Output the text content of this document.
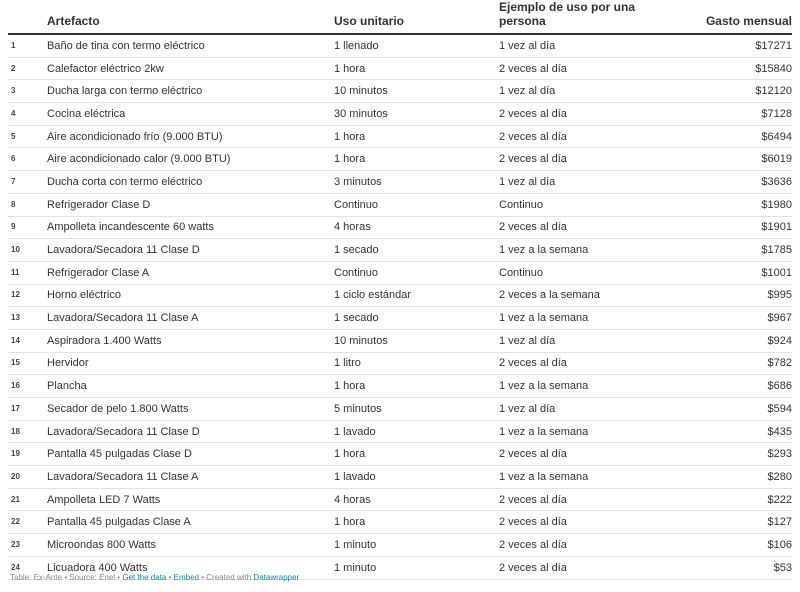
	Artefacto	Uso unitario	Ejemplo de uso por una persona	Gasto mensual
1	Baño de tina con termo eléctrico	1 llenado	1 vez al día	$17271
2	Calefactor eléctrico 2kw	1 hora	2 veces al día	$15840
3	Ducha larga con termo eléctrico	10 minutos	1 vez al día	$12120
4	Cocina eléctrica	30 minutos	2 veces al día	$7128
5	Aire acondicionado frío (9.000 BTU)	1 hora	2 veces al día	$6494
6	Aire acondicionado calor (9.000 BTU)	1 hora	2 veces al día	$6019
7	Ducha corta con termo eléctrico	3 minutos	1 vez al día	$3636
8	Refrigerador Clase D	Continuo	Continuo	$1980
9	Ampolleta incandescente 60 watts	4 horas	2 veces al día	$1901
10	Lavadora/Secadora 11 Clase D	1 secado	1 vez a la semana	$1785
11	Refrigerador Clase A	Continuo	Continuo	$1001
12	Horno eléctrico	1 ciclo estándar	2 veces a la semana	$995
13	Lavadora/Secadora 11 Clase A	1 secado	1 vez a la semana	$967
14	Aspiradora 1.400 Watts	10 minutos	1 vez al día	$924
15	Hervidor	1 litro	2 veces al día	$782
16	Plancha	1 hora	1 vez a la semana	$686
17	Secador de pelo 1.800 Watts	5 minutos	1 vez al día	$594
18	Lavadora/Secadora 11 Clase D	1 lavado	1 vez a la semana	$435
19	Pantalla 45 pulgadas Clase D	1 hora	2 veces al día	$293
20	Lavadora/Secadora 11 Clase A	1 lavado	1 vez a la semana	$280
21	Ampolleta LED 7 Watts	4 horas	2 veces al día	$222
22	Pantalla 45 pulgadas Clase A	1 hora	2 veces al día	$127
23	Microondas 800 Watts	1 minuto	2 veces al día	$106
24	Licuadora 400 Watts	1 minuto	2 veces al día	$53
Table: Ex-Ante • Source: Enel • Get the data • Embed • Created with Datawrapper
